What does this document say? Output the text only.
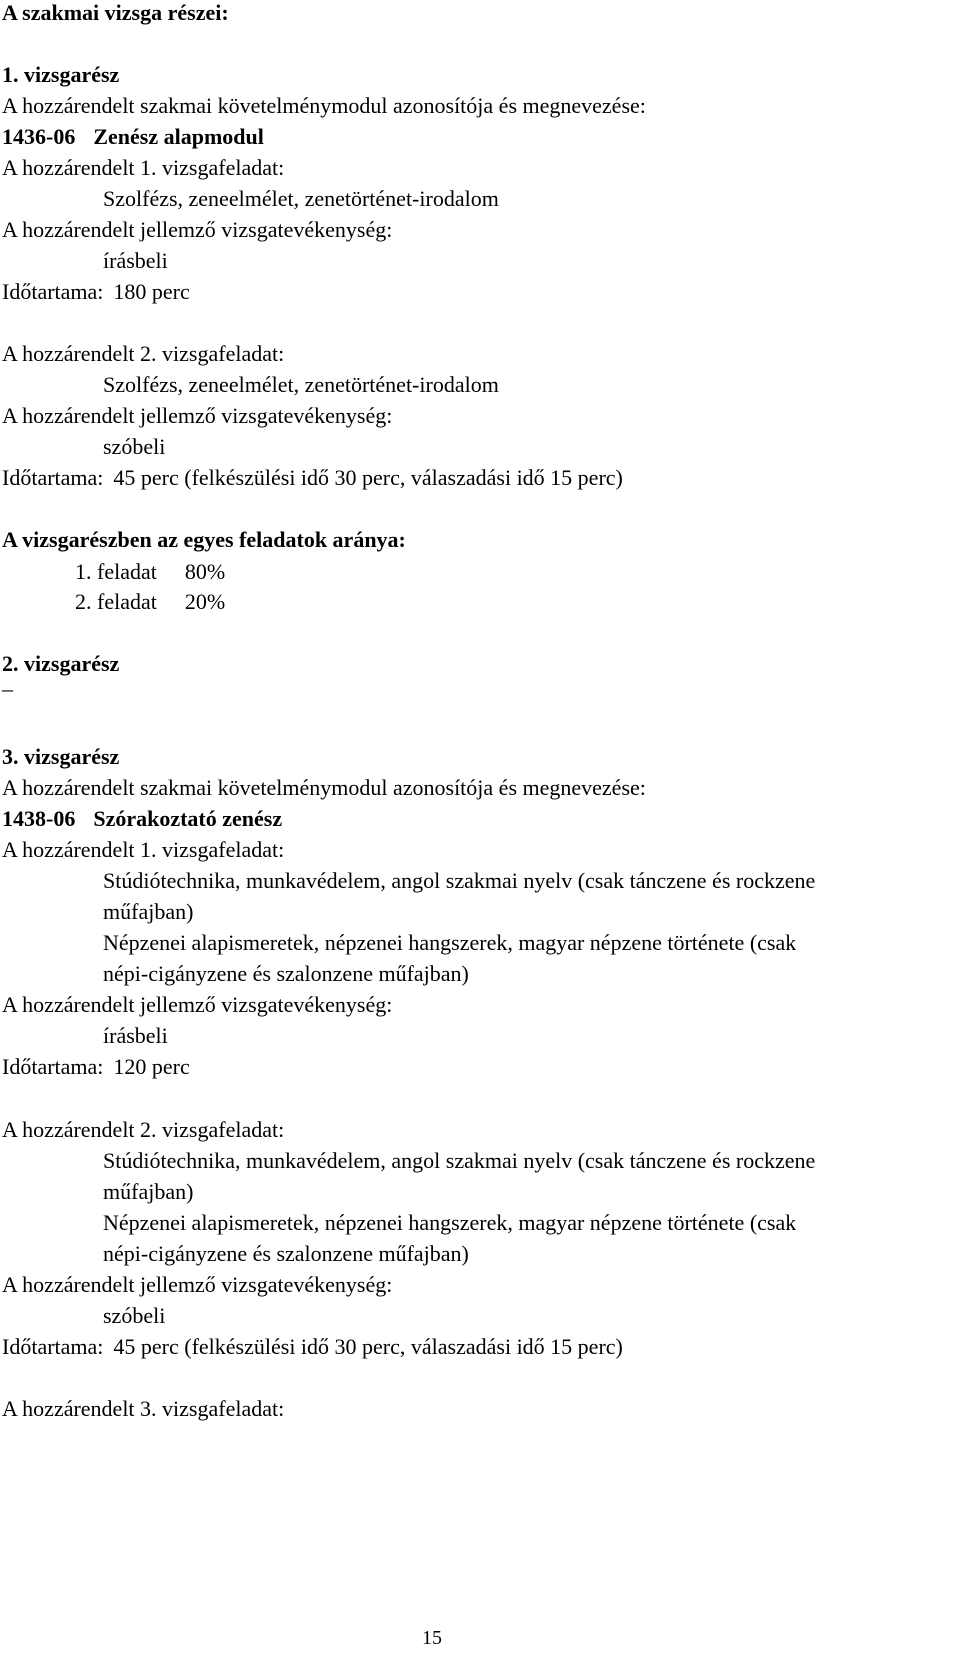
A szakmai vizsga részei:
1. vizsgarész
A hozzárendelt szakmai követelménymodul azonosítója és megnevezése:
1436-06 Zenész alapmodul
A hozzárendelt 1. vizsgafeladat:
Szolfézs, zeneelmélet, zenetörténet-irodalom
A hozzárendelt jellemző vizsgatevékenység:
írásbeli
Időtartama: 180 perc
A hozzárendelt 2. vizsgafeladat:
Szolfézs, zeneelmélet, zenetörténet-irodalom
A hozzárendelt jellemző vizsgatevékenység:
szóbeli
Időtartama: 45 perc (felkészülési idő 30 perc, válaszadási idő 15 perc)
A vizsgarészben az egyes feladatok aránya:
1. feladat 80%
2. feladat 20%
2. vizsgarész
–
3. vizsgarész
A hozzárendelt szakmai követelménymodul azonosítója és megnevezése:
1438-06 Szórakoztató zenész
A hozzárendelt 1. vizsgafeladat:
Stúdiótechnika, munkavédelem, angol szakmai nyelv (csak tánczene és rockzene
műfajban)
Népzenei alapismeretek, népzenei hangszerek, magyar népzene története (csak
népi-cigányzene és szalonzene műfajban)
A hozzárendelt jellemző vizsgatevékenység:
írásbeli
Időtartama: 120 perc
A hozzárendelt 2. vizsgafeladat:
Stúdiótechnika, munkavédelem, angol szakmai nyelv (csak tánczene és rockzene
műfajban)
Népzenei alapismeretek, népzenei hangszerek, magyar népzene története (csak
népi-cigányzene és szalonzene műfajban)
A hozzárendelt jellemző vizsgatevékenység:
szóbeli
Időtartama: 45 perc (felkészülési idő 30 perc, válaszadási idő 15 perc)
A hozzárendelt 3. vizsgafeladat:
15
